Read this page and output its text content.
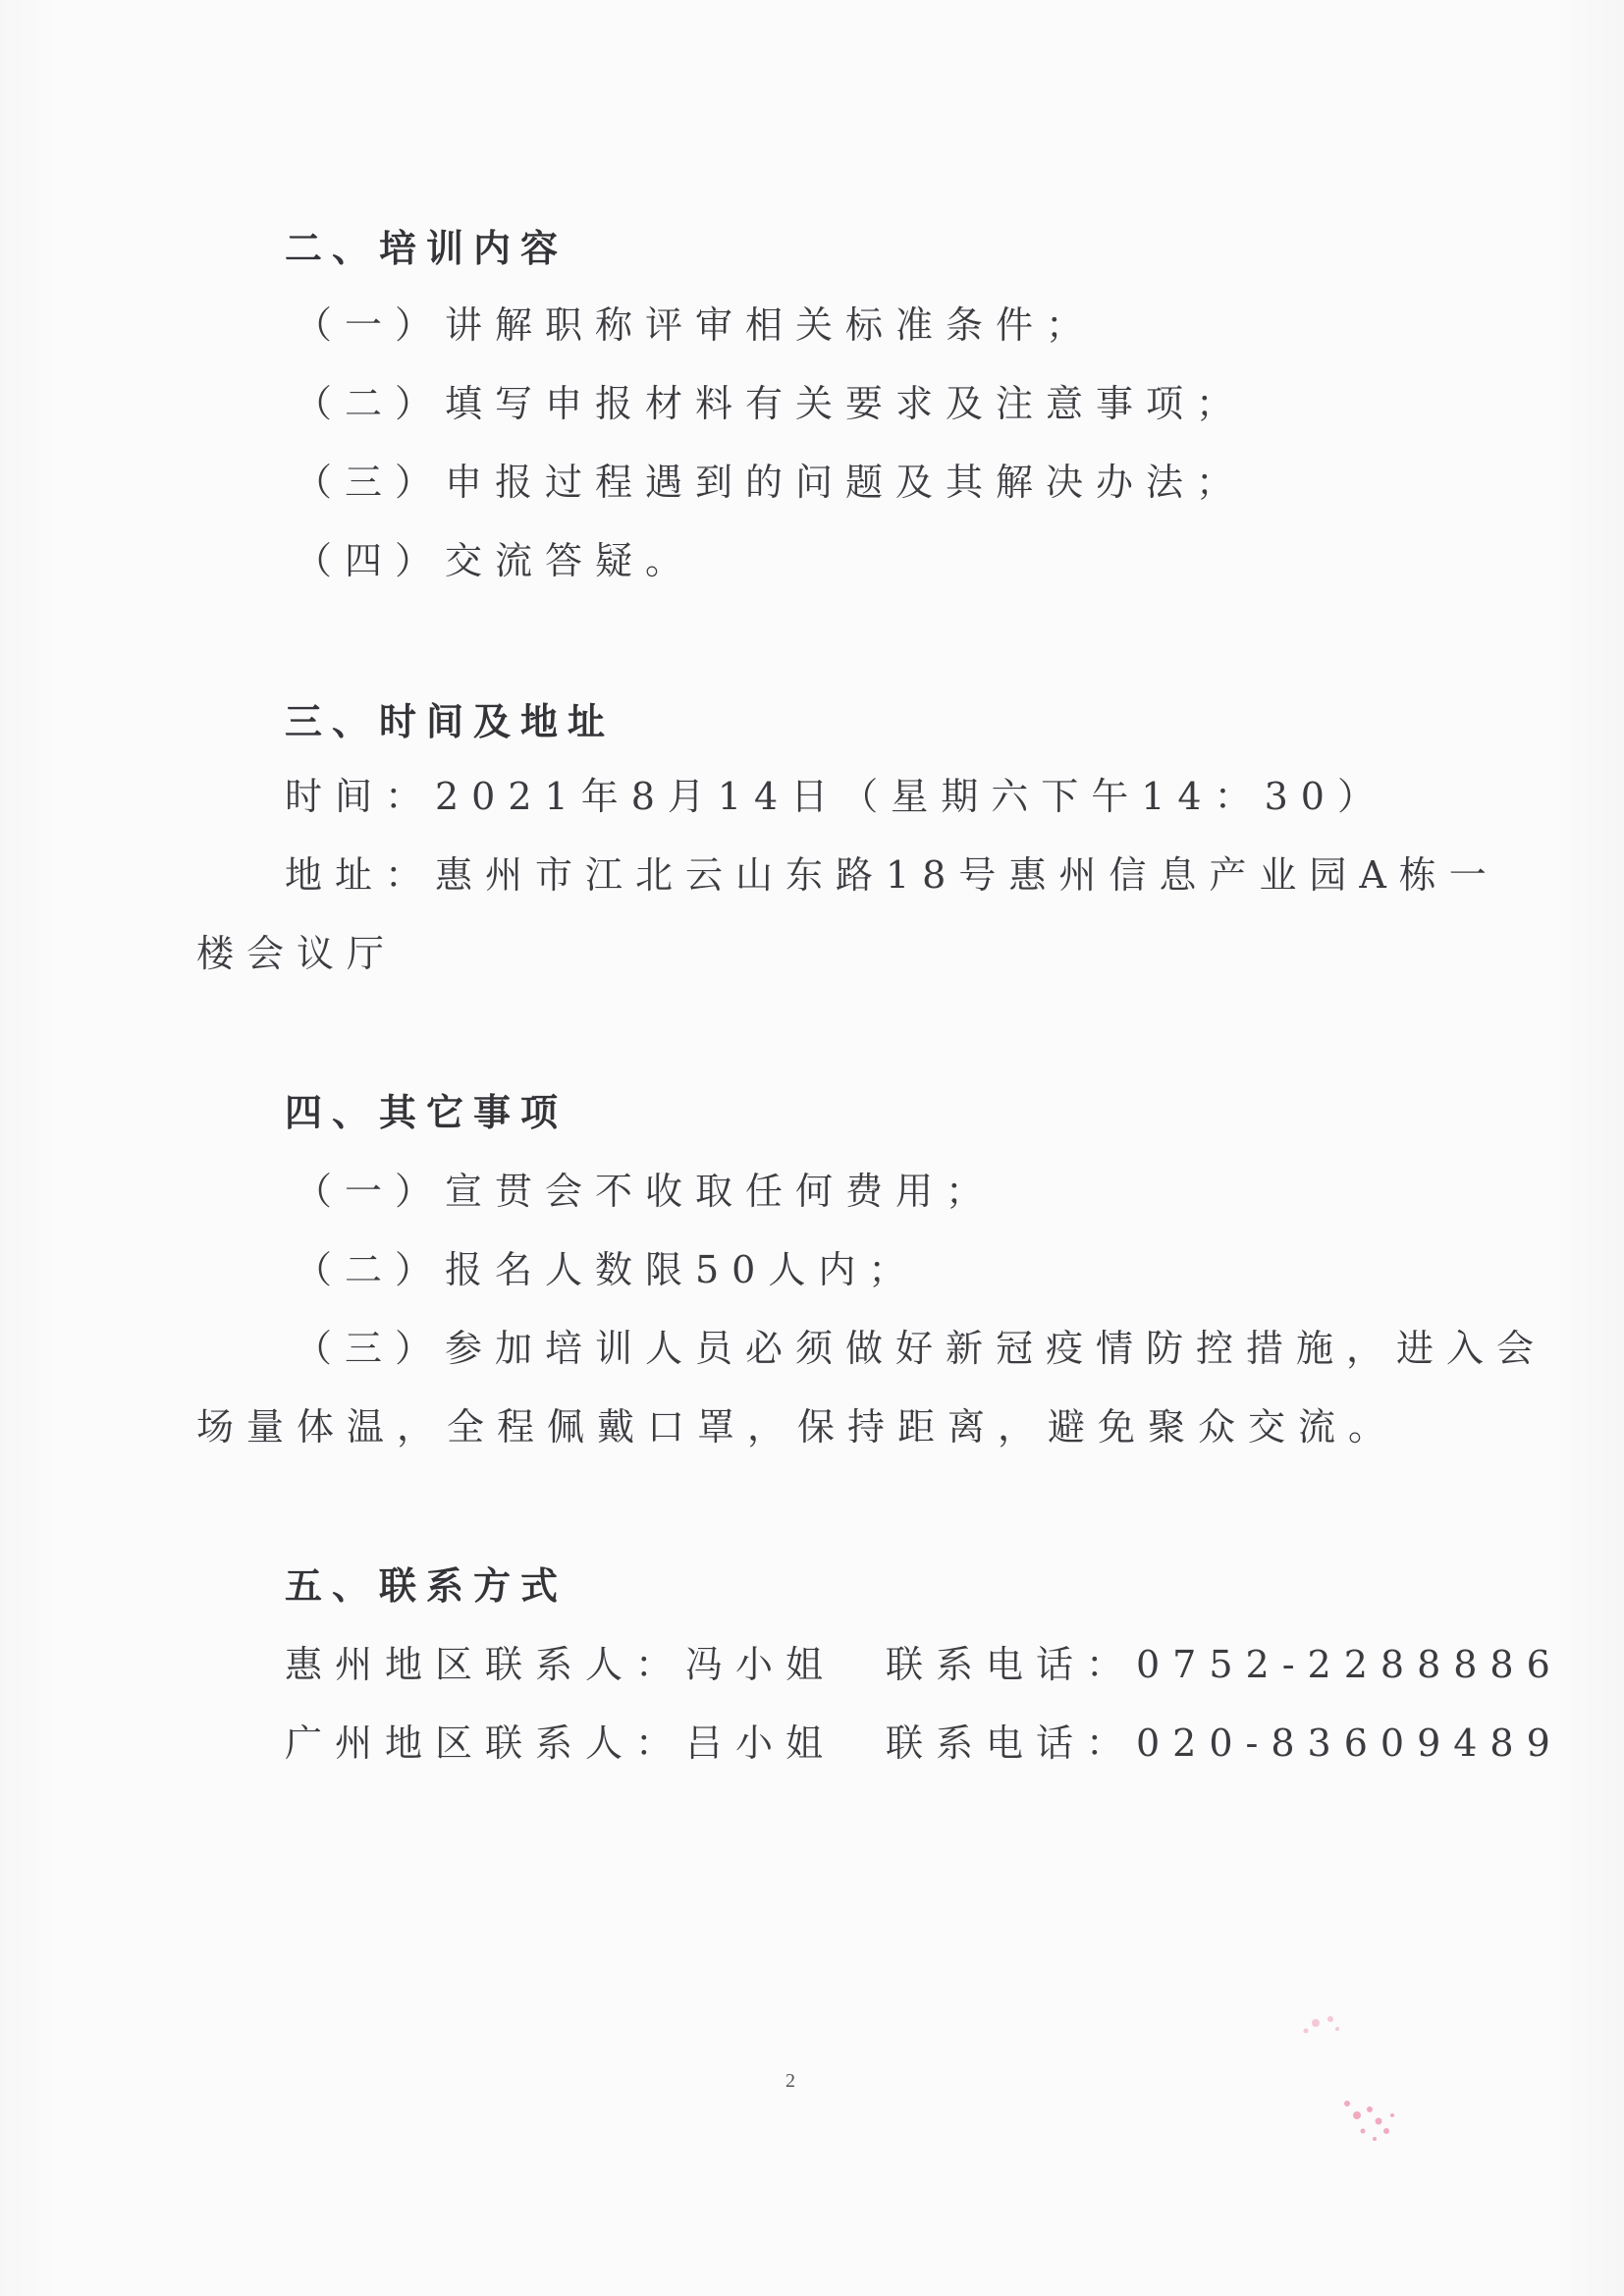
二、培训内容
（一）讲解职称评审相关标准条件；
（二）填写申报材料有关要求及注意事项；
（三）申报过程遇到的问题及其解决办法；
（四）交流答疑。
三、时间及地址
时间：2021年8月14日（星期六下午14：30）
地址：惠州市江北云山东路18号惠州信息产业园A栋一
楼会议厅
四、其它事项
（一）宣贯会不收取任何费用；
（二）报名人数限50人内；
（三）参加培训人员必须做好新冠疫情防控措施，进入会
场量体温，全程佩戴口罩，保持距离，避免聚众交流。
五、联系方式
惠州地区联系人：冯小姐　联系电话：0752-2288886
广州地区联系人：吕小姐　联系电话：020-83609489
2
